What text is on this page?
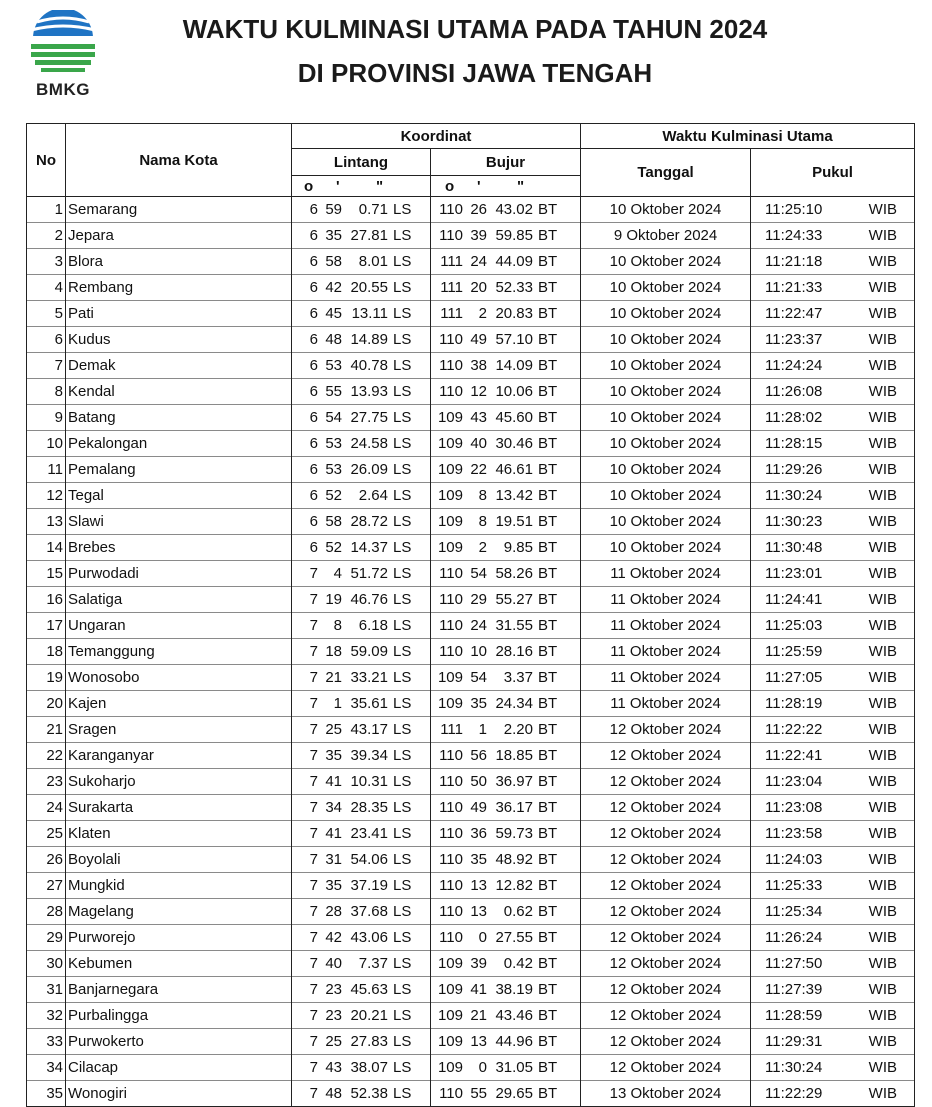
BMKG
WAKTU KULMINASI UTAMA PADA TAHUN 2024
DI PROVINSI JAWA TENGAH
No	Nama Kota	Koordinat		Waktu Kulminasi Utama	
		Lintang	Bujur	Tanggal	Pukul
		o ' "	o ' "		
1	Semarang	6 59 0.71 LS	110 26 43.02 BT	10 Oktober 2024	11:25:10 WIB
2	Jepara	6 35 27.81 LS	110 39 59.85 BT	9 Oktober 2024	11:24:33 WIB
3	Blora	6 58 8.01 LS	111 24 44.09 BT	10 Oktober 2024	11:21:18 WIB
4	Rembang	6 42 20.55 LS	111 20 52.33 BT	10 Oktober 2024	11:21:33 WIB
5	Pati	6 45 13.11 LS	111 2 20.83 BT	10 Oktober 2024	11:22:47 WIB
6	Kudus	6 48 14.89 LS	110 49 57.10 BT	10 Oktober 2024	11:23:37 WIB
7	Demak	6 53 40.78 LS	110 38 14.09 BT	10 Oktober 2024	11:24:24 WIB
8	Kendal	6 55 13.93 LS	110 12 10.06 BT	10 Oktober 2024	11:26:08 WIB
9	Batang	6 54 27.75 LS	109 43 45.60 BT	10 Oktober 2024	11:28:02 WIB
10	Pekalongan	6 53 24.58 LS	109 40 30.46 BT	10 Oktober 2024	11:28:15 WIB
11	Pemalang	6 53 26.09 LS	109 22 46.61 BT	10 Oktober 2024	11:29:26 WIB
12	Tegal	6 52 2.64 LS	109 8 13.42 BT	10 Oktober 2024	11:30:24 WIB
13	Slawi	6 58 28.72 LS	109 8 19.51 BT	10 Oktober 2024	11:30:23 WIB
14	Brebes	6 52 14.37 LS	109 2 9.85 BT	10 Oktober 2024	11:30:48 WIB
15	Purwodadi	7 4 51.72 LS	110 54 58.26 BT	11 Oktober 2024	11:23:01 WIB
16	Salatiga	7 19 46.76 LS	110 29 55.27 BT	11 Oktober 2024	11:24:41 WIB
17	Ungaran	7 8 6.18 LS	110 24 31.55 BT	11 Oktober 2024	11:25:03 WIB
18	Temanggung	7 18 59.09 LS	110 10 28.16 BT	11 Oktober 2024	11:25:59 WIB
19	Wonosobo	7 21 33.21 LS	109 54 3.37 BT	11 Oktober 2024	11:27:05 WIB
20	Kajen	7 1 35.61 LS	109 35 24.34 BT	11 Oktober 2024	11:28:19 WIB
21	Sragen	7 25 43.17 LS	111 1 2.20 BT	12 Oktober 2024	11:22:22 WIB
22	Karanganyar	7 35 39.34 LS	110 56 18.85 BT	12 Oktober 2024	11:22:41 WIB
23	Sukoharjo	7 41 10.31 LS	110 50 36.97 BT	12 Oktober 2024	11:23:04 WIB
24	Surakarta	7 34 28.35 LS	110 49 36.17 BT	12 Oktober 2024	11:23:08 WIB
25	Klaten	7 41 23.41 LS	110 36 59.73 BT	12 Oktober 2024	11:23:58 WIB
26	Boyolali	7 31 54.06 LS	110 35 48.92 BT	12 Oktober 2024	11:24:03 WIB
27	Mungkid	7 35 37.19 LS	110 13 12.82 BT	12 Oktober 2024	11:25:33 WIB
28	Magelang	7 28 37.68 LS	110 13 0.62 BT	12 Oktober 2024	11:25:34 WIB
29	Purworejo	7 42 43.06 LS	110 0 27.55 BT	12 Oktober 2024	11:26:24 WIB
30	Kebumen	7 40 7.37 LS	109 39 0.42 BT	12 Oktober 2024	11:27:50 WIB
31	Banjarnegara	7 23 45.63 LS	109 41 38.19 BT	12 Oktober 2024	11:27:39 WIB
32	Purbalingga	7 23 20.21 LS	109 21 43.46 BT	12 Oktober 2024	11:28:59 WIB
33	Purwokerto	7 25 27.83 LS	109 13 44.96 BT	12 Oktober 2024	11:29:31 WIB
34	Cilacap	7 43 38.07 LS	109 0 31.05 BT	12 Oktober 2024	11:30:24 WIB
35	Wonogiri	7 48 52.38 LS	110 55 29.65 BT	13 Oktober 2024	11:22:29 WIB
